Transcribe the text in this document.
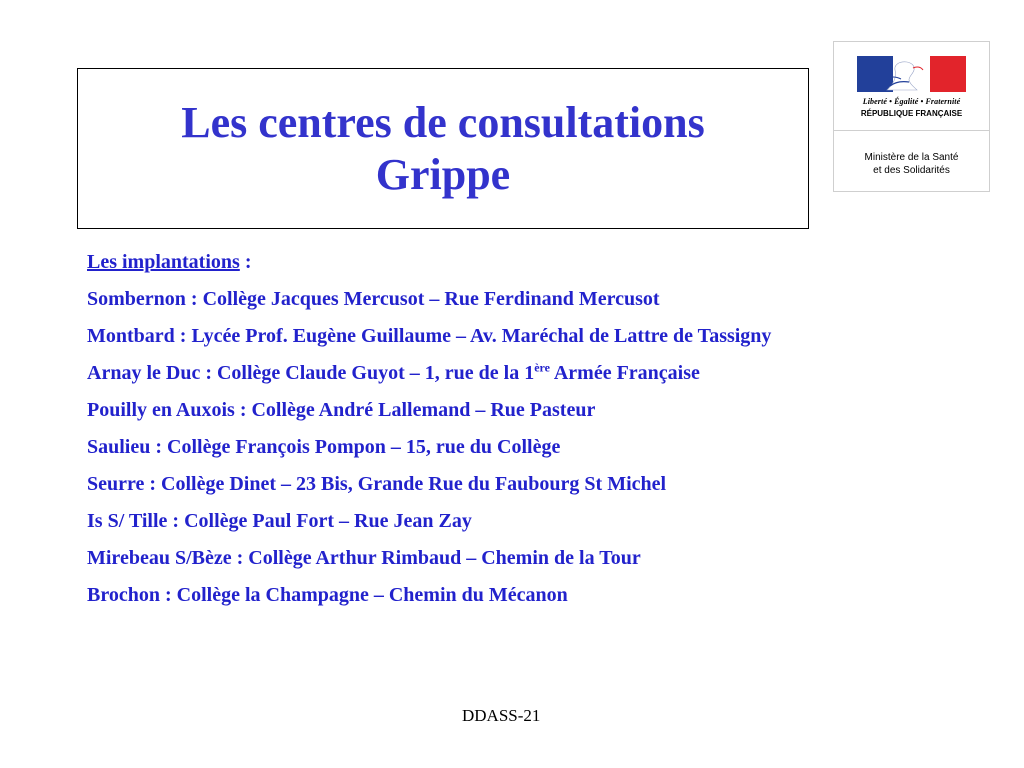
Les centres de consultations
Grippe
Liberté • Égalité • Fraternité
RÉPUBLIQUE FRANÇAISE
Ministère de la Santé
et des Solidarités
Les implantations :
Sombernon : Collège Jacques Mercusot – Rue Ferdinand Mercusot
Montbard : Lycée Prof. Eugène Guillaume – Av. Maréchal de Lattre de Tassigny
Arnay le Duc : Collège Claude Guyot – 1, rue de la 1ère Armée Française
Pouilly en Auxois : Collège André Lallemand – Rue Pasteur
Saulieu : Collège François Pompon – 15, rue du Collège
Seurre : Collège Dinet – 23 Bis, Grande Rue du Faubourg St Michel
Is S/ Tille : Collège Paul Fort – Rue Jean Zay
Mirebeau S/Bèze : Collège Arthur Rimbaud – Chemin de la Tour
Brochon : Collège la Champagne – Chemin du Mécanon
DDASS-21
